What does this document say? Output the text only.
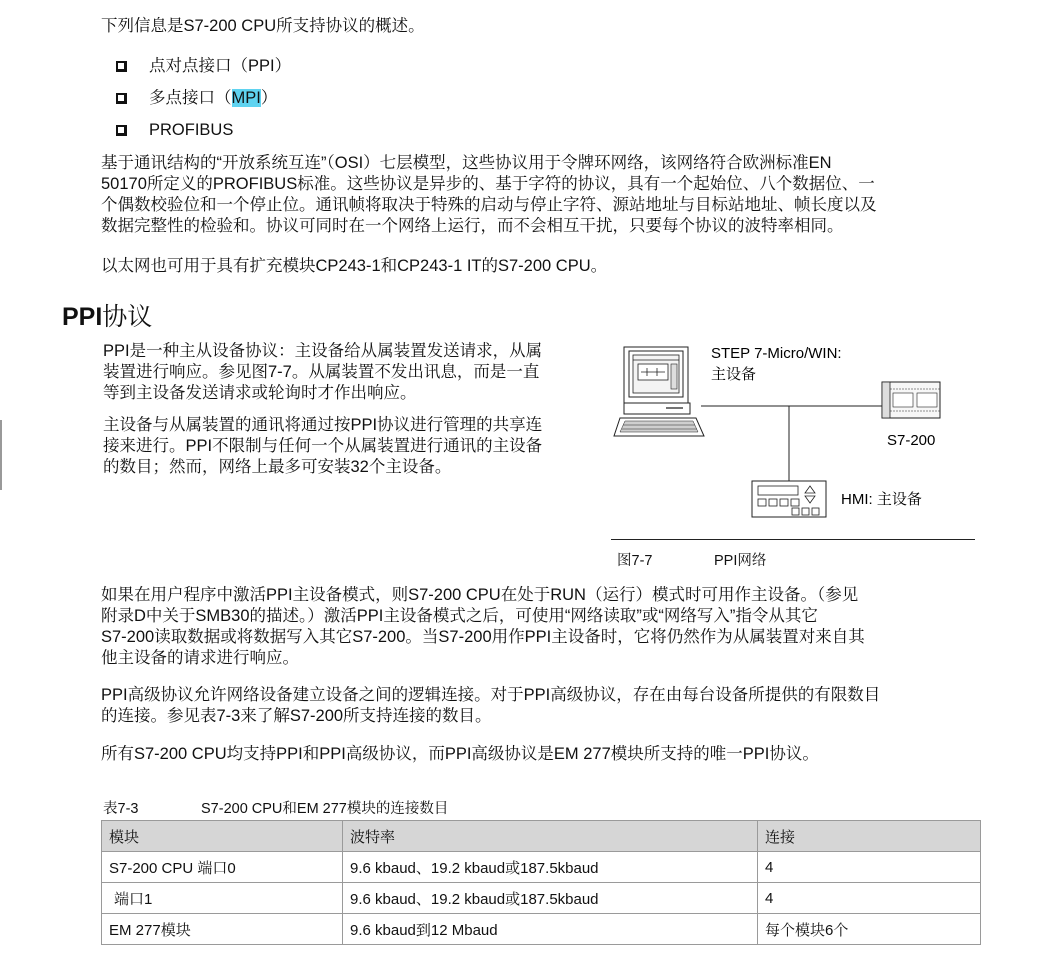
下列信息是S7-200 CPU所支持协议的概述。

点对点接口（PPI）
多点接口（MPI）
PROFIBUS

基于通讯结构的“开放系统互连”（OSI）七层模型，这些协议用于令牌环网络，该网络符合欧洲标准EN

50170所定义的PROFIBUS标准。这些协议是异步的、基于字符的协议，具有一个起始位、八个数据位、一

个偶数校验位和一个停止位。通讯帧将取决于特殊的启动与停止字符、源站地址与目标站地址、帧长度以及

数据完整性的检验和。协议可同时在一个网络上运行，而不会相互干扰，只要每个协议的波特率相同。

以太网也可用于具有扩充模块CP243-1和CP243-1 IT的S7-200 CPU。

PPI协议

PPI是一种主从设备协议：主设备给从属装置发送请求，从属

装置进行响应。参见图7-7。从属装置不发出讯息，而是一直

等到主设备发送请求或轮询时才作出响应。

主设备与从属装置的通讯将通过按PPI协议进行管理的共享连

接来进行。PPI不限制与任何一个从属装置进行通讯的主设备

的数目；然而，网络上最多可安装32个主设备。

STEP 7-Micro/WIN:
主设备
S7-200
HMI: 主设备
图7-7	PPI网络

如果在用户程序中激活PPI主设备模式，则S7-200 CPU在处于RUN（运行）模式时可用作主设备。（参见

附录D中关于SMB30的描述。）激活PPI主设备模式之后，可使用“网络读取”或“网络写入”指令从其它

S7-200读取数据或将数据写入其它S7-200。当S7-200用作PPI主设备时，它将仍然作为从属装置对来自其

他主设备的请求进行响应。

PPI高级协议允许网络设备建立设备之间的逻辑连接。对于PPI高级协议，存在由每台设备所提供的有限数目

的连接。参见表7-3来了解S7-200所支持连接的数目。

所有S7-200 CPU均支持PPI和PPI高级协议，而PPI高级协议是EM 277模块所支持的唯一PPI协议。

表7-3	S7-200 CPU和EM 277模块的连接数目
模块	波特率	连接
S7-200 CPU 端口0	9.6 kbaud、19.2 kbaud或187.5kbaud	4
端口1	9.6 kbaud、19.2 kbaud或187.5kbaud	4
EM 277模块	9.6 kbaud到12 Mbaud	每个模块6个
